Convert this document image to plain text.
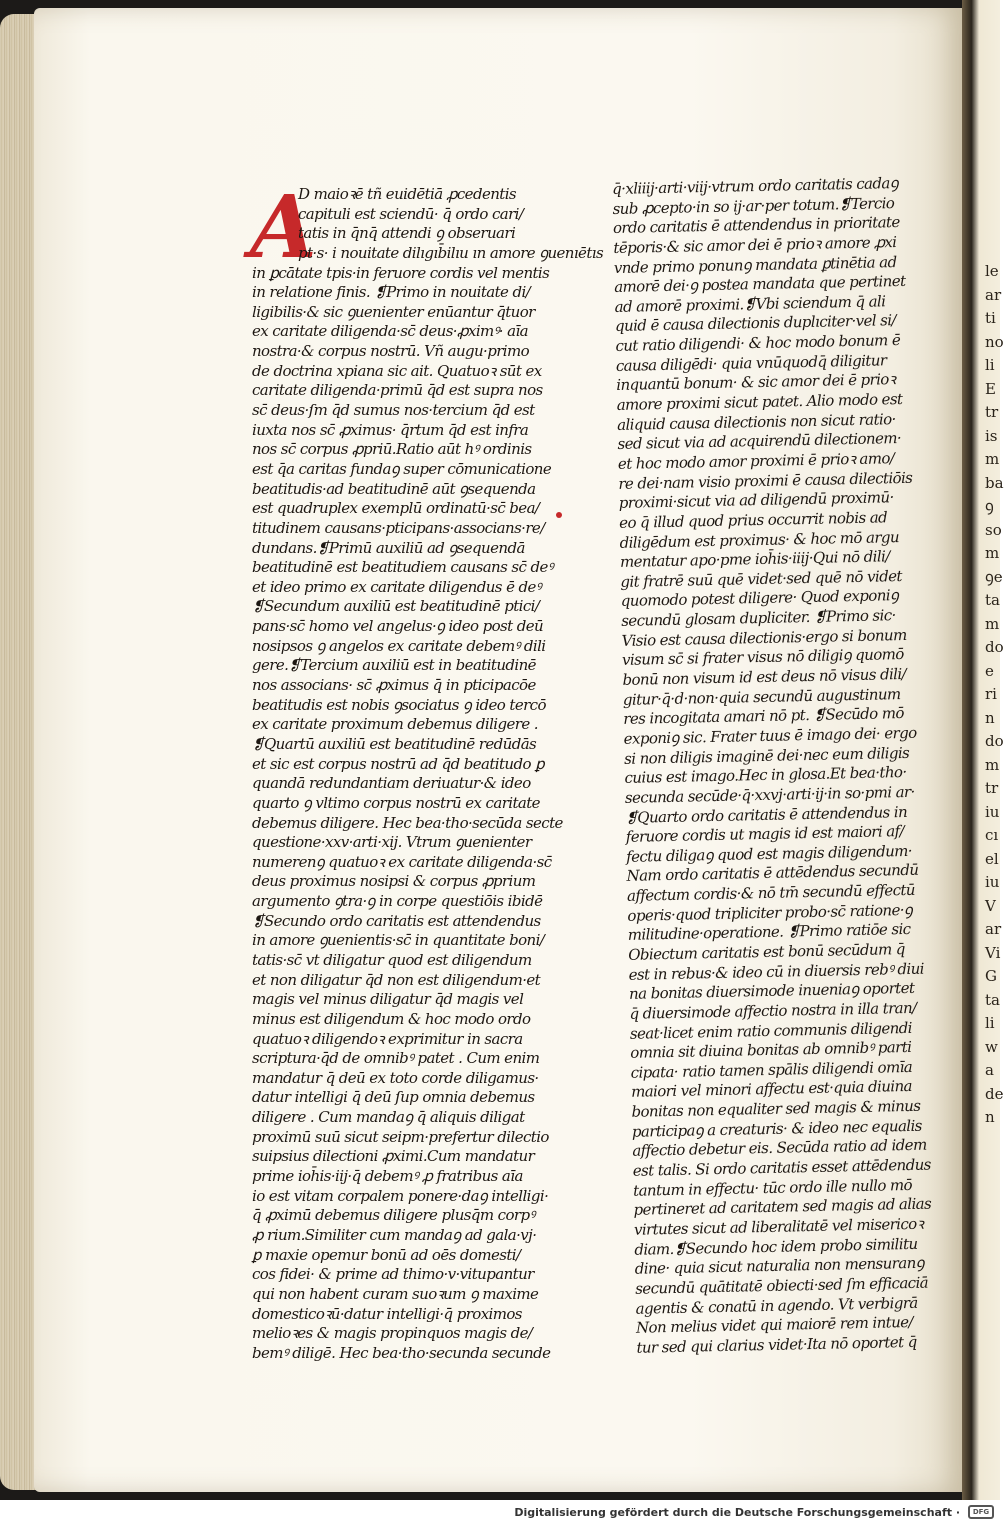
le
ar
ti
no
li
E
tr
is
m
ba
ꝯ
so
m
ꝯe
ta
m
do
e
ri
n
do
m
tr
iu
cı
el
iu
V
ar
Vi
G
ta
li
w
a
de
n
A
D maioꝛē tñ euidētiā ꝓcedentis
capituli est sciendū· q̄ ordo cari/
tatis in q̄nq̄ attendi ꝯ obseruari
pt·s· i nouitate dilıgıb̄ilıu ın amore ꝯuenıētıs
in ꝑcātate tpis·in feruore cordis vel mentis
in relatione finis. ❡Primo in nouitate di/
ligibilis·& sic ꝯuenienter enūantur q̄tuor
ex caritate diligenda·sc̄ deus·ꝓximꝰ· aīa
nostra·& corpus nostrū. Vñ augu·primo
de doctrina xpiana sic ait. Quatuoꝛ sūt ex
caritate diligenda·primū q̄d est supra nos
sc̄ deus·ſm q̄d sumus nos·tercium q̄d est
iuxta nos sc̄ ꝓximus· q̄rtum q̄d est infra
nos sc̄ corpus ꝓpriū.Ratio aūt hꝰ ordinis
est q̄a caritas fundaꝯ super cōmunicatione
beatitudis·ad beatitudinē aūt ꝯsequenda
est quadruplex exemplū ordinatū·sc̄ bea/
titudinem causans·pticipans·associans·re/
dundans.❡Primū auxiliū ad ꝯsequendā
beatitudinē est beatitudiem causans sc̄ deꝰ
et ideo primo ex caritate diligendus ē deꝰ
❡Secundum auxiliū est beatitudinē ptici/
pans·sc̄ homo vel angelus·ꝯ ideo post deū
nosipsos ꝯ angelos ex caritate debemꝰ dili
gere.❡Tercium auxiliū est in beatitudinē
nos associans· sc̄ ꝓximus q̄ in pticipacōe
beatitudis est nobis ꝯsociatus ꝯ ideo tercō
ex caritate proximum debemus diligere .
❡Quartū auxiliū est beatitudinē redūdās
et sic est corpus nostrū ad q̄d beatitudo ꝑ
quandā redundantiam deriuatur·& ideo
quarto ꝯ vltimo corpus nostrū ex caritate
debemus diligere. Hec bea·tho·secūda secte
questione·xxv·arti·xij. Vtrum ꝯuenienter
numerenꝯ quatuoꝛ ex caritate diligenda·sc̄
deus proximus nosipsi & corpus ꝓprium
argumento ꝯtra·ꝯ in corpe questiōis ibidē
❡Secundo ordo caritatis est attendendus
in amore ꝯuenientis·sc̄ in quantitate boni/
tatis·sc̄ vt diligatur quod est diligendum
et non diligatur q̄d non est diligendum·et
magis vel minus diligatur q̄d magis vel
minus est diligendum & hoc modo ordo
quatuoꝛ diligendoꝛ exprimitur in sacra
scriptura·q̄d de omnibꝰ patet . Cum enim
mandatur q̄ deū ex toto corde diligamus·
datur intelligi q̄ deū ſup omnia debemus
diligere . Cum mandaꝯ q̄ aliquis diligat
proximū suū sicut seipm·prefertur dilectio
suipsius dilectioni ꝓximi.Cum mandatur
prime ioh̄is·iij·q̄ debemꝰ ꝓ fratribus aīa
io est vitam corpalem ponere·daꝯ intelligi·
q̄ ꝓximū debemus diligere plusq̄m corpꝰ
ꝓ rium.Similiter cum mandaꝯ ad gala·vj·
ꝑ maxie opemur bonū ad oēs domesti/
cos fidei· & prime ad thimo·v·vitupantur
qui non habent curam suoꝛum ꝯ maxime
domesticoꝛū·datur intelligi·q̄ proximos
melioꝛes & magis propinquos magis de/
bemꝰ diligē. Hec bea·tho·secunda secunde
q̄·xliiij·arti·viij·vtrum ordo caritatis cadaꝯ
sub ꝓcepto·in so ij·ar·per totum.❡Tercio
ordo caritatis ē attendendus in prioritate
tēporis·& sic amor dei ē prioꝛ amore ꝓxi
vnde primo ponunꝯ mandata ꝑtinētia ad
amorē dei·ꝯ postea mandata que pertinet
ad amorē proximi.❡Vbi sciendum q̄ ali
quid ē causa dilectionis duplıciter·vel si/
cut ratio diligendi· & hoc modo bonum ē
causa diligēdi· quia vnūquodq̄ diligitur
inquantū bonum· & sic amor dei ē prioꝛ
amore proximi sicut patet. Alio modo est
aliquid causa dilectionis non sicut ratio·
sed sicut via ad acquirendū dilectionem·
et hoc modo amor proximi ē prioꝛ amo/
re dei·nam visio proximi ē causa dilectiōis
proximi·sicut via ad diligendū proximū·
eo q̄ illud quod prius occurrit nobis ad
diligēdum est proximus· & hoc mō argu
mentatur apo·pme ioh̄is·iiij·Qui nō dili/
git fratrē suū quē videt·sed quē nō videt
quomodo potest diligere· Quod exponiꝯ
secundū glosam dupliciter. ❡Primo sic·
Visio est causa dilectionis·ergo si bonum
visum sc̄ si frater visus nō diligiꝯ quomō
bonū non visum id est deus nō visus dili/
gitur·q̄·d·non·quia secundū augustinum
res incogitata amari nō pt. ❡Secūdo mō
exponiꝯ sic. Frater tuus ē imago dei· ergo
si non diligis imaginē dei·nec eum diligis
cuius est imago.Hec in glosa.Et bea·tho·
secunda secūde·q̄·xxvj·arti·ij·in so·pmi ar·
❡Quarto ordo caritatis ē attendendus in
feruore cordis ut magis id est maiori af/
fectu diligaꝯ quod est magis diligendum·
Nam ordo caritatis ē attēdendus secundū
affectum cordis·& nō tm̄ secundū effectū
operis·quod tripliciter probo·sc̄ ratione·ꝯ
militudine·operatione. ❡Primo ratiōe sic
Obiectum caritatis est bonū secūdum q̄
est in rebus·& ideo cū in diuersis rebꝰ diui
na bonitas diuersimode inueniaꝯ oportet
q̄ diuersimode affectio nostra in illa tran/
seat·licet enim ratio communis diligendi
omnia sit diuina bonitas ab omnibꝰ parti
cipata· ratio tamen spālis diligendi omīa
maiori vel minori affectu est·quia diuina
bonitas non equaliter sed magis & minus
participaꝯ a creaturis· & ideo nec equalis
affectio debetur eis. Secūda ratio ad idem
est talis. Si ordo caritatis esset attēdendus
tantum in effectu· tūc ordo ille nullo mō
pertineret ad caritatem sed magis ad alias
virtutes sicut ad liberalitatē vel misericoꝛ
diam.❡Secundo hoc idem probo similitu
dine· quia sicut naturalia non mensuranꝯ
secundū quātitatē obiecti·sed ſm efficaciā
agentis & conatū in agendo. Vt verbigrā
Non melius videt qui maiorē rem intue/
tur sed qui clarius videt·Ita nō oportet q̄
Digitalisierung gefördert durch die Deutsche Forschungsgemeinschaft ·	DFG
